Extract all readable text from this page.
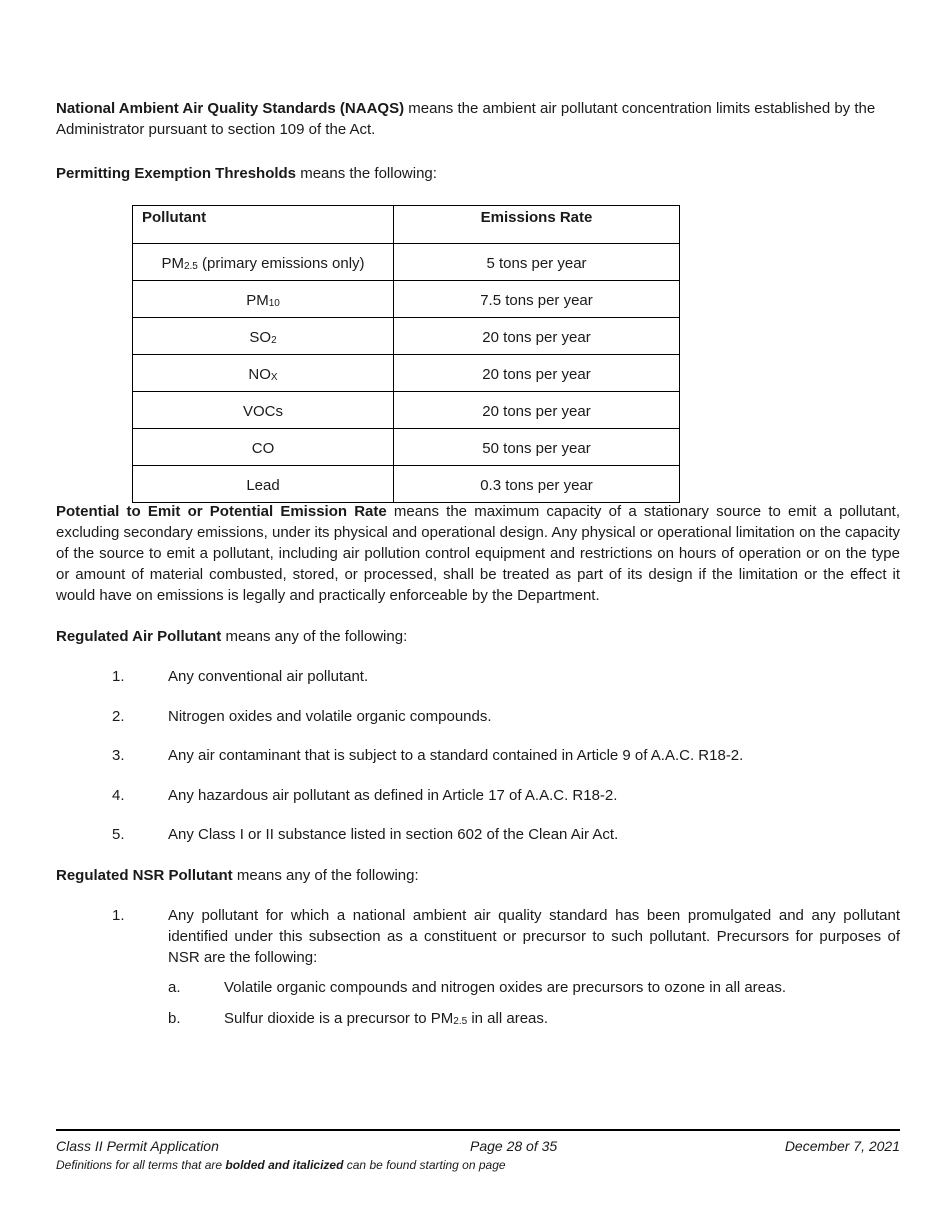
National Ambient Air Quality Standards (NAAQS) means the ambient air pollutant concentration limits established by the Administrator pursuant to section 109 of the Act.

Permitting Exemption Thresholds means the following:

Pollutant	Emissions Rate
$PM_{2.5}$ (primary emissions only)	5 tons per year
$PM_{10}$	7.5 tons per year
$SO_2$	20 tons per year
$NO_X$	20 tons per year
VOCs	20 tons per year
CO	50 tons per year
Lead	0.3 tons per year

Potential to Emit or Potential Emission Rate means the maximum capacity of a stationary source to emit a pollutant, excluding secondary emissions, under its physical and operational design. Any physical or operational limitation on the capacity of the source to emit a pollutant, including air pollution control equipment and restrictions on hours of operation or on the type or amount of material combusted, stored, or processed, shall be treated as part of its design if the limitation or the effect it would have on emissions is legally and practically enforceable by the Department.

Regulated Air Pollutant means any of the following:

1.	Any conventional air pollutant.
2.	Nitrogen oxides and volatile organic compounds.
3.	Any air contaminant that is subject to a standard contained in Article 9 of A.A.C. R18-2.
4.	Any hazardous air pollutant as defined in Article 17 of A.A.C. R18-2.
5.	Any Class I or II substance listed in section 602 of the Clean Air Act.

Regulated NSR Pollutant means any of the following:

1.	Any pollutant for which a national ambient air quality standard has been promulgated and any pollutant identified under this subsection as a constituent or precursor to such pollutant. Precursors for purposes of NSR are the following:
a.	Volatile organic compounds and nitrogen oxides are precursors to ozone in all areas.
b.	Sulfur dioxide is a precursor to $PM_{2.5}$ in all areas.
Class II Permit Application	Page 28 of 35	December 7, 2021
Definitions for all terms that are bolded and italicized can be found starting on page
